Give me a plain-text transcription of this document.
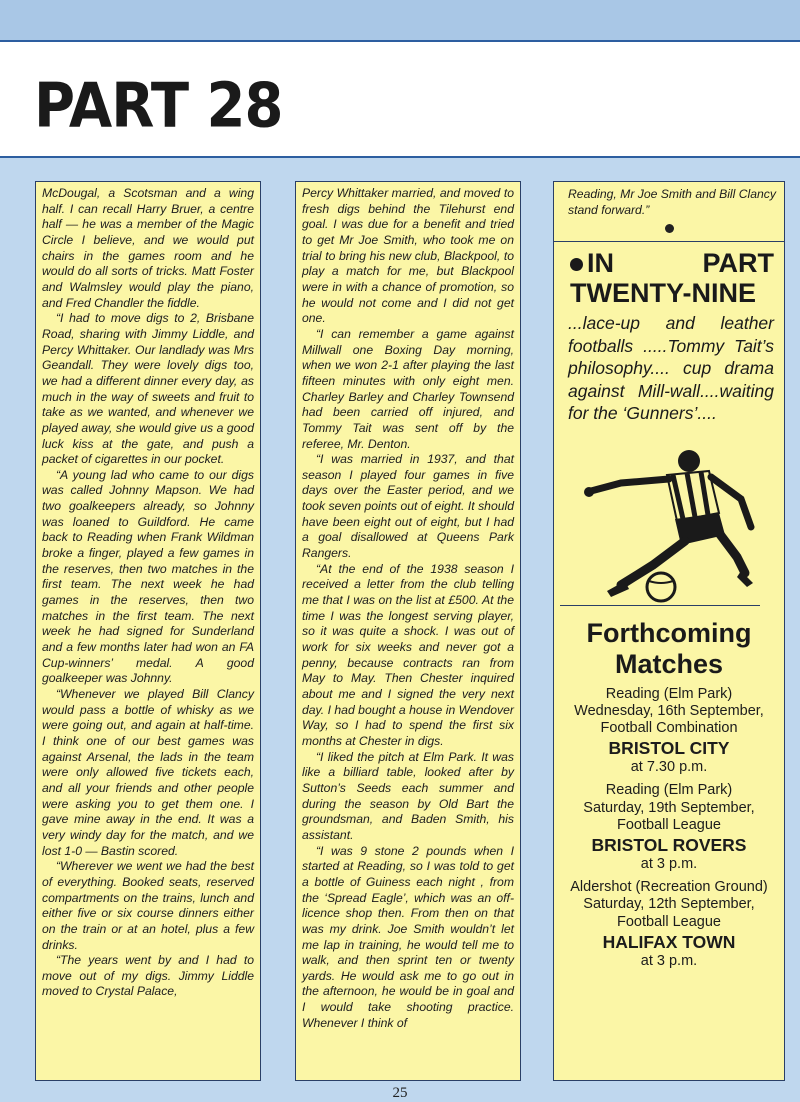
PART 28

McDougal, a Scotsman and a wing half. I can recall Harry Bruer, a centre half — he was a member of the Magic Circle I believe, and we would put chairs in the games room and he would do all sorts of tricks. Matt Foster and Walmsley would play the piano, and Fred Chandler the fiddle.

“I had to move digs to 2, Brisbane Road, sharing with Jimmy Liddle, and Percy Whittaker. Our landlady was Mrs Geandall. They were lovely digs too, we had a different dinner every day, as much in the way of sweets and fruit to take as we wanted, and whenever we played away, she would give us a good luck kiss at the gate, and push a packet of cigarettes in our pocket.

“A young lad who came to our digs was called Johnny Mapson. We had two goalkeepers already, so Johnny was loaned to Guildford. He came back to Reading when Frank Wildman broke a finger, played a few games in the reserves, then two matches in the first team. The next week he had games in the reserves, then two matches in the first team. The next week he had signed for Sunderland and a few months later had won an FA Cup-winners’ medal. A good goalkeeper was Johnny.

“Whenever we played Bill Clancy would pass a bottle of whisky as we were going out, and again at half-time. I think one of our best games was against Arsenal, the lads in the team were only allowed five tickets each, and all your friends and other people were asking you to get them one. I gave mine away in the end. It was a very windy day for the match, and we lost 1-0 — Bastin scored.

“Wherever we went we had the best of everything. Booked seats, reserved compartments on the trains, lunch and either five or six course dinners either on the train or at an hotel, plus a few drinks.

“The years went by and I had to move out of my digs. Jimmy Liddle moved to Crystal Palace,

Percy Whittaker married, and moved to fresh digs behind the Tilehurst end goal. I was due for a benefit and tried to get Mr Joe Smith, who took me on trial to bring his new club, Blackpool, to play a match for me, but Blackpool were in with a chance of promotion, so he would not come and I did not get one.

“I can remember a game against Millwall one Boxing Day morning, when we won 2-1 after playing the last fifteen minutes with only eight men. Charley Barley and Charley Townsend had been carried off injured, and Tommy Tait was sent off by the referee, Mr. Denton.

“I was married in 1937, and that season I played four games in five days over the Easter period, and we took seven points out of eight. It should have been eight out of eight, but I had a goal disallowed at Queens Park Rangers.

“At the end of the 1938 season I received a letter from the club telling me that I was on the list at £500. At the time I was the longest serving player, so it was quite a shock. I was out of work for six weeks and never got a penny, because contracts ran from May to May. Then Chester inquired about me and I signed the very next day. I had bought a house in Wendover Way, so I had to spend the first six months at Chester in digs.

“I liked the pitch at Elm Park. It was like a billiard table, looked after by Sutton’s Seeds each summer and during the season by Old Bart the groundsman, and Baden Smith, his assistant.

“I was 9 stone 2 pounds when I started at Reading, so I was told to get a bottle of Guiness each night , from the ‘Spread Eagle’, which was an off-licence shop then. From then on that was my drink. Joe Smith wouldn’t let me lap in training, he would tell me to walk, and then sprint ten or twenty yards. He would ask me to go out in the afternoon, he would be in goal and I would take shooting practice. Whenever I think of

Reading, Mr Joe Smith and Bill Clancy stand forward.”
IN	PART
TWENTY-NINE
...lace-up and leather footballs .....Tommy Tait’s philosophy.... cup drama against Mill-wall....waiting for the ‘Gunners’....
Forthcoming
Matches
Reading (Elm Park)
Wednesday, 16th September,
Football Combination
BRISTOL CITY
at 7.30 p.m.
Reading (Elm Park)
Saturday, 19th September,
Football League
BRISTOL ROVERS
at 3 p.m.
Aldershot (Recreation Ground)
Saturday, 12th September,
Football League
HALIFAX TOWN
at 3 p.m.
25
